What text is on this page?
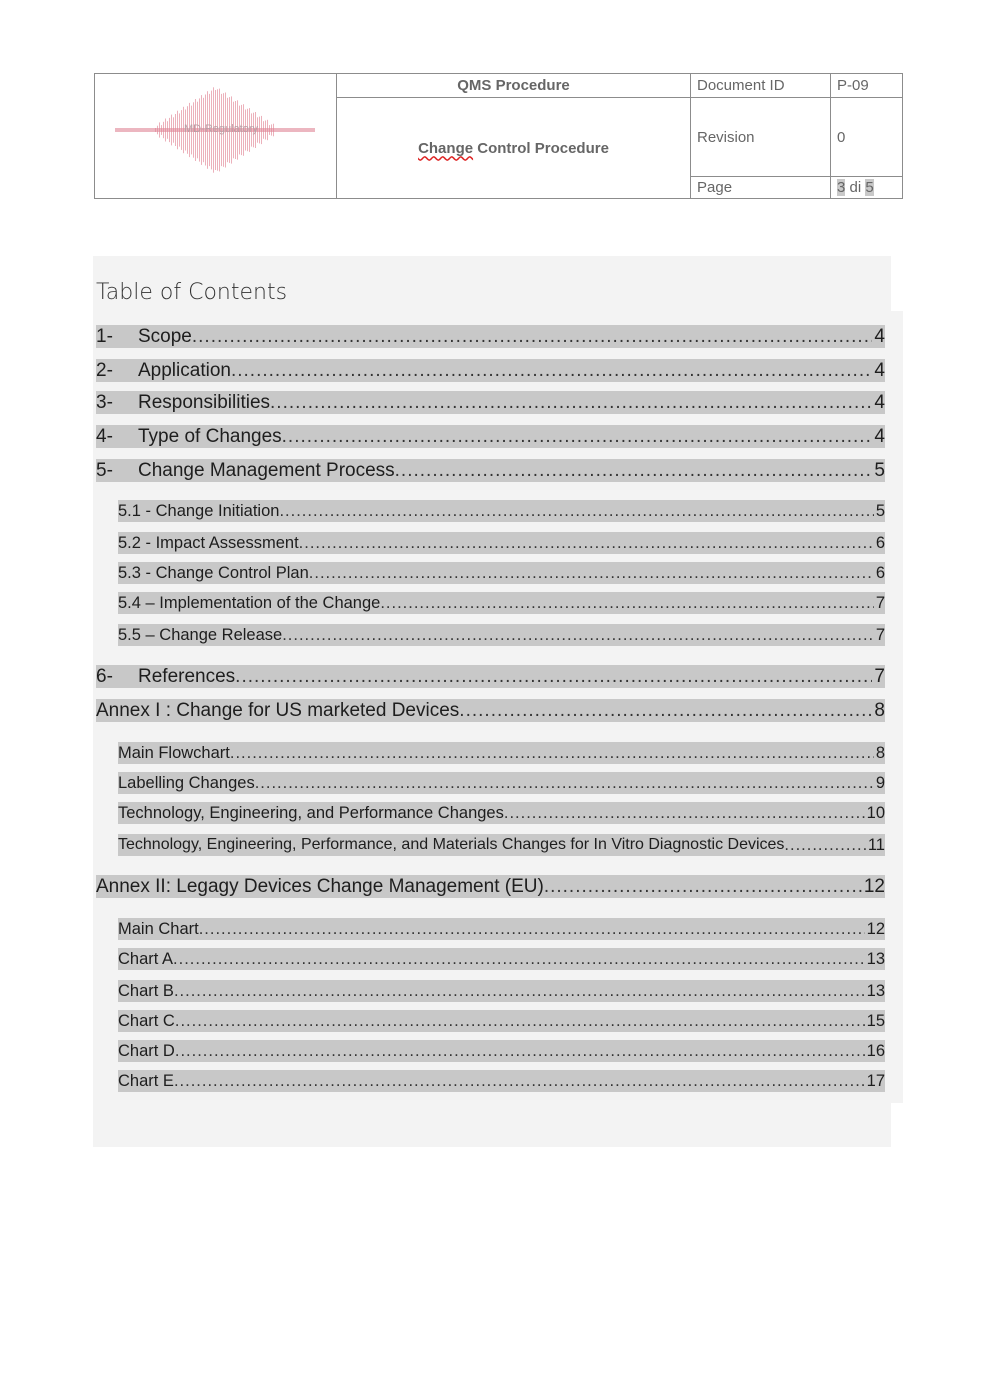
MD-Regulatory	QMS Procedure	Document ID	P-09
	Change Control Procedure	Revision	0
		Page	3 di 5
Table of Contents
1-	Scope .....	4
2-	Application .....	4
3-	Responsibilities .....	4
4-	Type of Changes .....	4
5-	Change Management Process .....	5
5.1 - Change Initiation .....	5
5.2 - Impact Assessment .....	6
5.3 - Change Control Plan .....	6
5.4 – Implementation of the Change .....	7
5.5 – Change Release .....	7
6-	References .....	7
Annex I : Change for US marketed Devices .....	8
Main Flowchart .....	8
Labelling Changes .....	9
Technology, Engineering, and Performance Changes .....	10
Technology, Engineering, Performance, and Materials Changes for In Vitro Diagnostic Devices .....	11
Annex II: Legagy Devices Change Management (EU) .....	12
Main Chart .....	12
Chart A .....	13
Chart B .....	13
Chart C .....	15
Chart D .....	16
Chart E .....	17
